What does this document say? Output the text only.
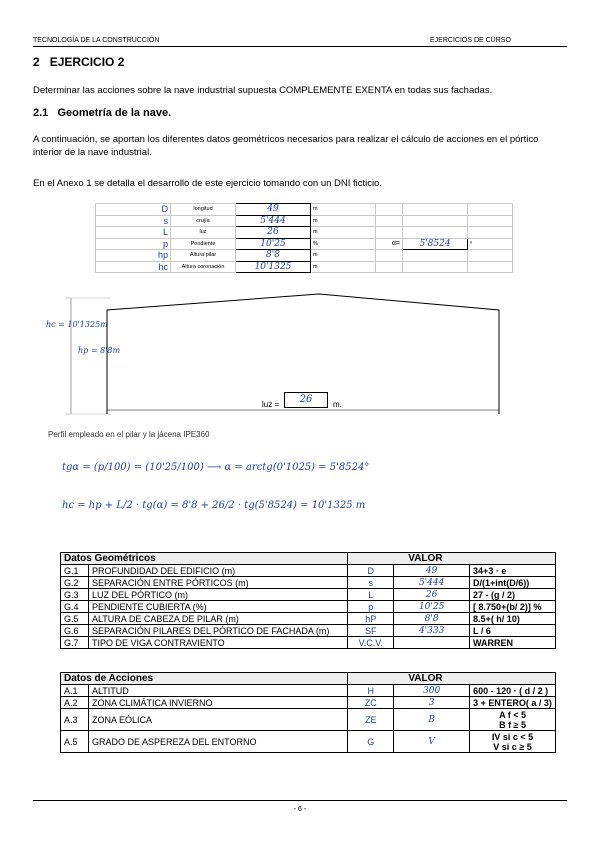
TECNOLOGÍA DE LA CONSTRUCCIÓN	EJERCICIOS DE CURSO
2 EJERCICIO 2
Determinar las acciones sobre la nave industrial supuesta COMPLEMENTE EXENTA en todas sus fachadas.
2.1 Geometría de la nave.
A continuación, se aportan los diferentes datos geométricos necesarios para realizar el cálculo de acciones en el pórtico interior de la nave industrial.
En el Anexo 1 se detalla el desarrollo de este ejercicio tomando con un DNI ficticio.
D	longitud	49	m			
s	crujía	5'444	m			
L	luz	26	m			
p	Pendiente	10'25	%	α=	5'8524	º
hp	Altura pilar	8'8	m			
hc	Altura coronación	10'1325	m			
hc = 10'1325m
hp = 8'8m
luz =	26	m.
Perfil empleado en el pilar y la jácena IPE360
tgα = (p/100) = (10'25/100) ⟶ α = arctg(0'1025) = 5'8524°
hc = hp + L/2 · tg(α) = 8'8 + 26/2 · tg(5'8524) = 10'1325 m
Datos Geométricos		VALOR		
G.1	PROFUNDIDAD DEL EDIFICIO (m)	D	49	34+3 · e

G.2	SEPARACIÓN ENTRE PÓRTICOS (m)	s	5'444	D/(1+int(D/6))

G.3	LUZ DEL PÓRTICO (m)	L	26	27 - (g / 2)

G.4	PENDIENTE CUBIERTA (%)	p	10'25	[ 8.750+(b/ 2)] %

G.5	ALTURA DE CABEZA DE PILAR (m)	hP	8'8	8.5+( h/ 10)

G.6	SEPARACIÓN PILARES DEL PÓRTICO DE FACHADA (m)	SF	4'333	L / 6

G.7	TIPO DE VIGA CONTRAVIENTO	V.C.V.		WARREN
Datos de Acciones		VALOR		
A.1	ALTITUD	H	300	600 - 120 · ( d / 2 )

A.2	ZONA CLIMÁTICA INVIERNO	ZC	3	3 + ENTERO( a / 3)

A.3	ZONA EÓLICA	ZE	B	A f < 5
B f ≥ 5

A.5	GRADO DE ASPEREZA DEL ENTORNO	G	V	IV si c < 5
V si c ≥ 5
- 6 -
